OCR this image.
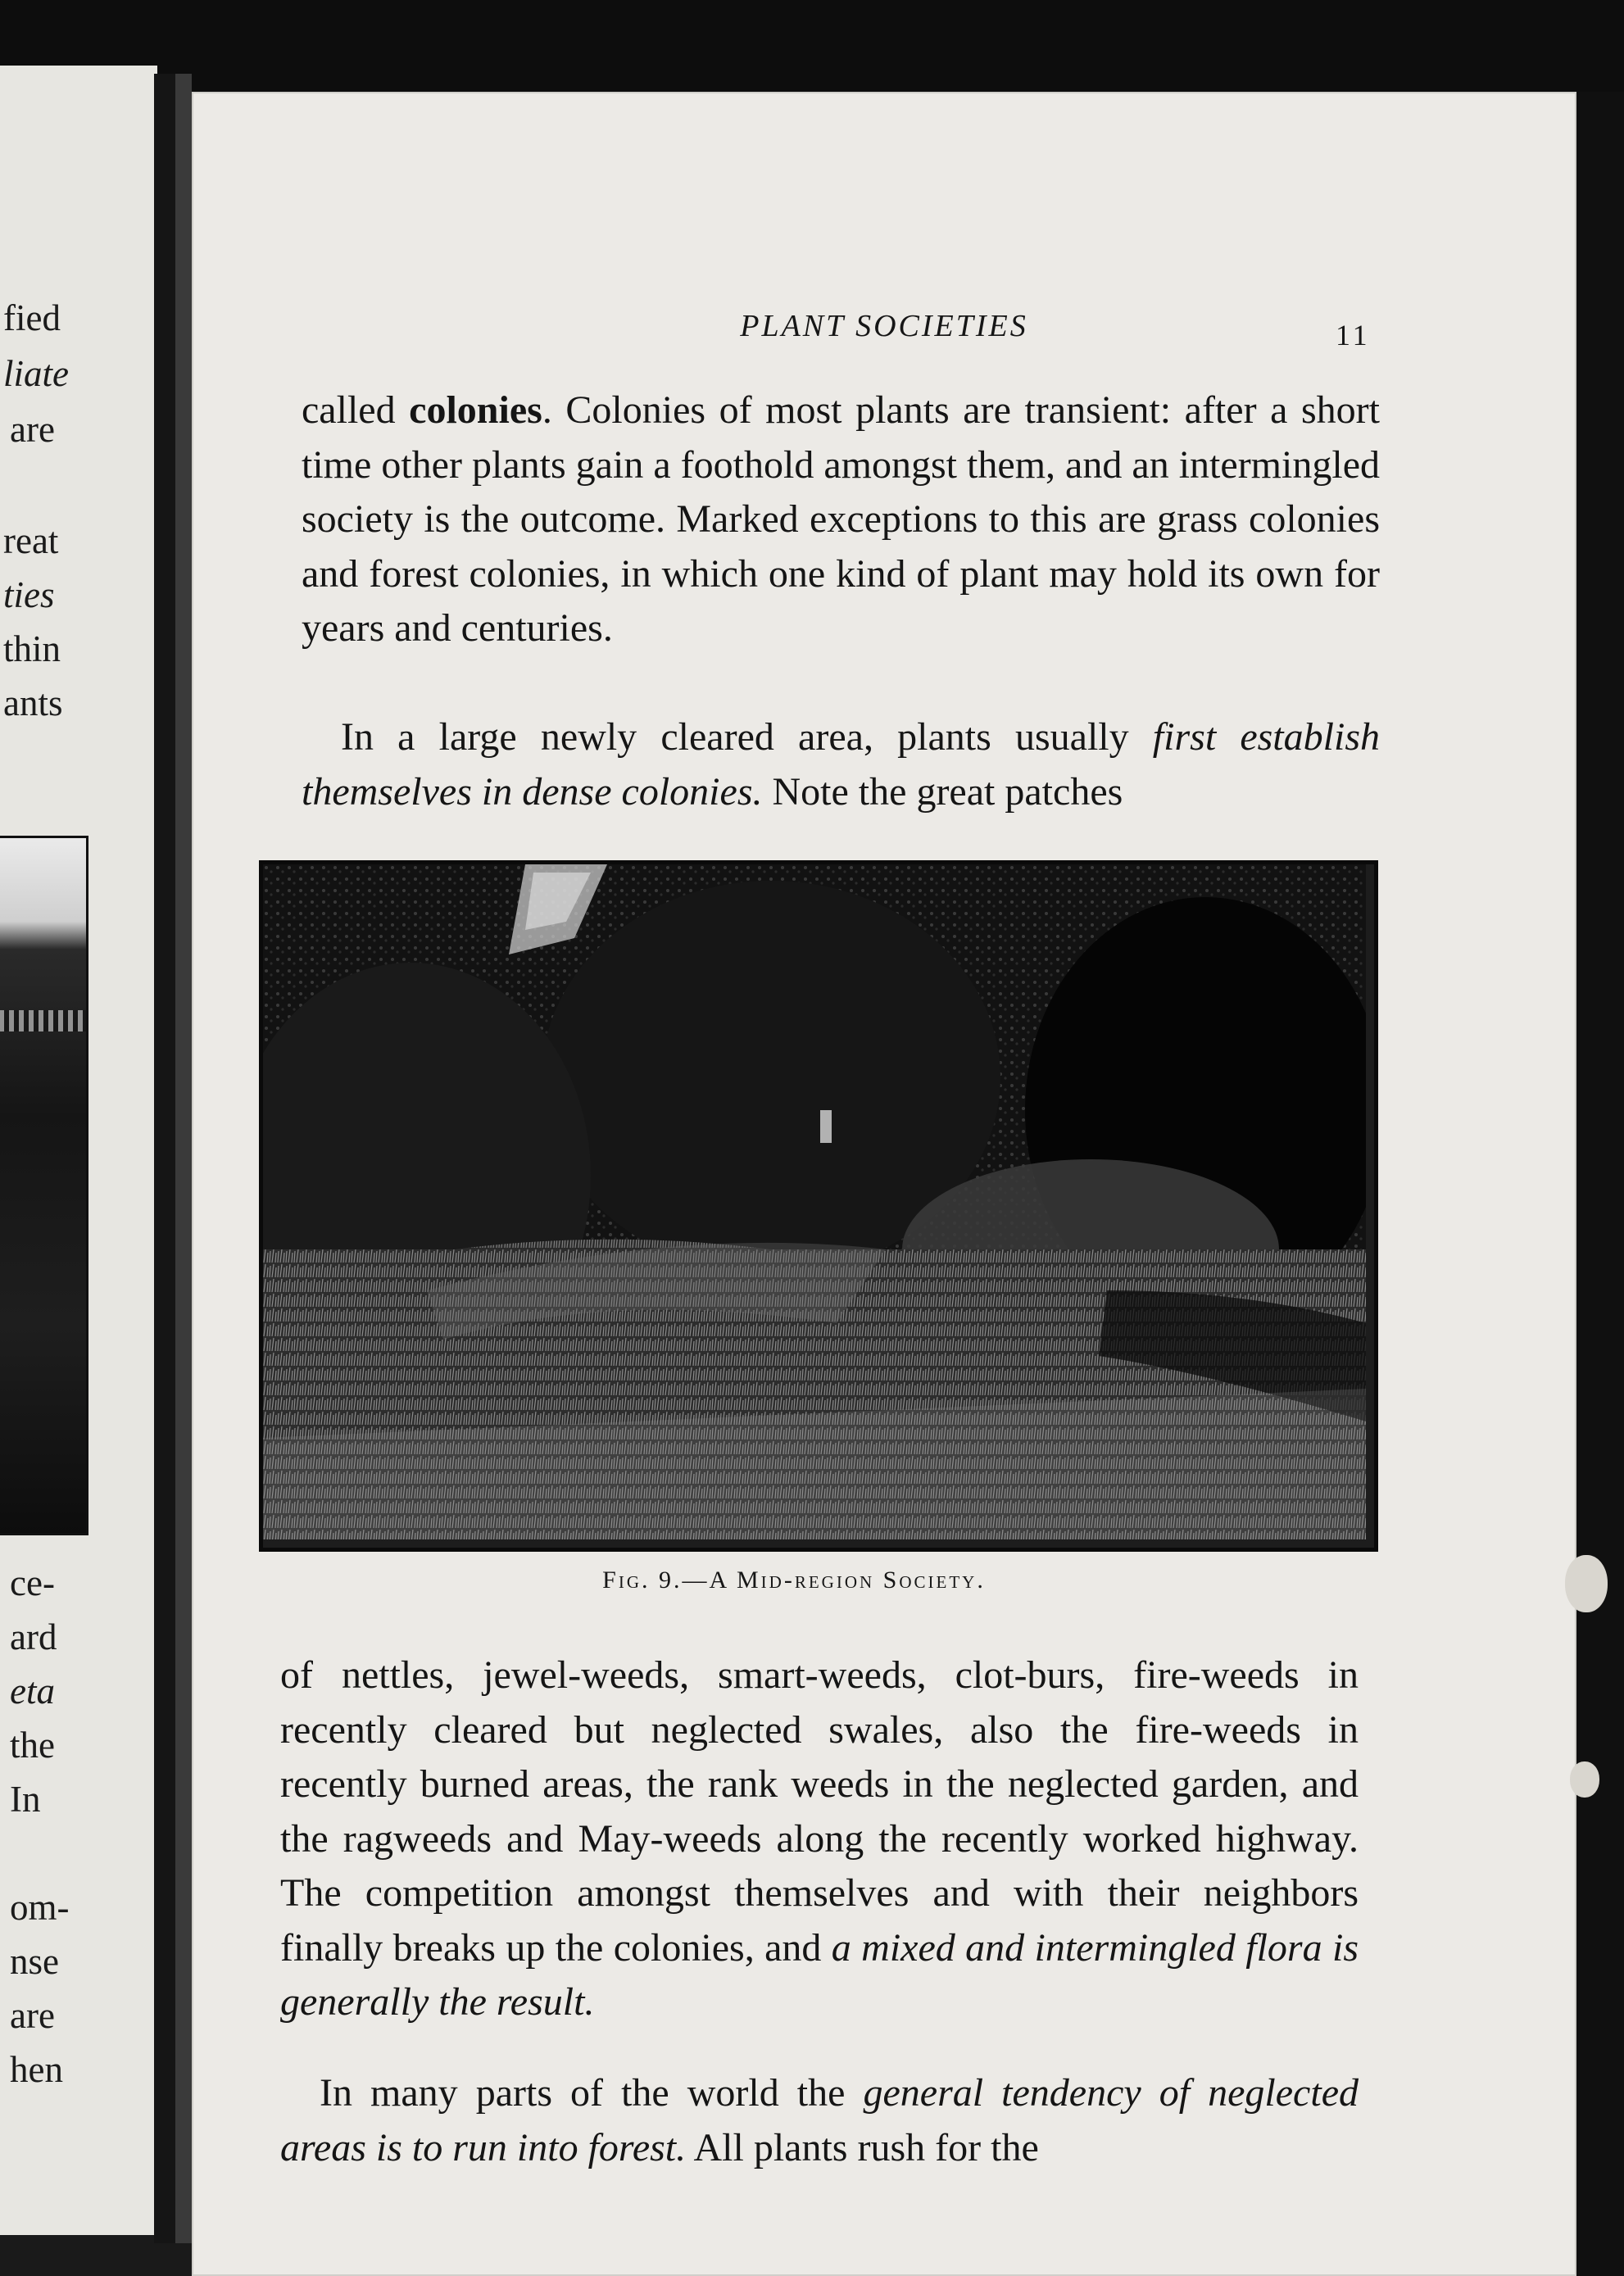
fied
liate
are
reat
ties
thin
ants
ce-
ard
eta
the
In
om-
nse
are
hen
PLANT SOCIETIES	11
called colonies. Colonies of most plants are transient: after a short time other plants gain a foothold amongst them, and an intermingled society is the outcome. Marked exceptions to this are grass colonies and forest colonies, in which one kind of plant may hold its own for years and centuries.
In a large newly cleared area, plants usually first establish themselves in dense colonies. Note the great patches
Fig. 9.—A Mid-region Society.
of nettles, jewel-weeds, smart-weeds, clot-burs, fire-weeds in recently cleared but neglected swales, also the fire-weeds in recently burned areas, the rank weeds in the neglected garden, and the ragweeds and May-weeds along the recently worked highway. The competition amongst themselves and with their neighbors finally breaks up the colonies, and a mixed and intermingled flora is generally the result.
In many parts of the world the general tendency of neglected areas is to run into forest. All plants rush for the
